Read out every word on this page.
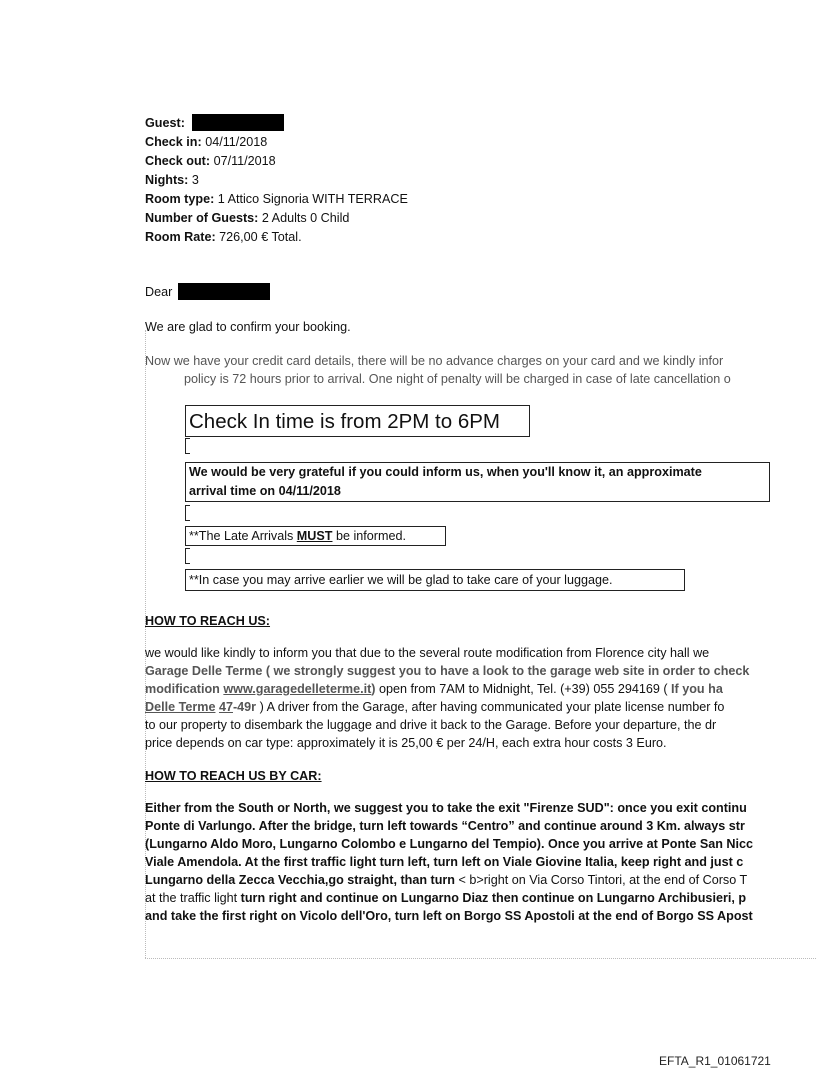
Guest:
Check in: 04/11/2018
Check out: 07/11/2018
Nights: 3
Room type: 1 Attico Signoria WITH TERRACE
Number of Guests: 2 Adults 0 Child
Room Rate: 726,00 € Total.
Dear
We are glad to confirm your booking.
Now we have your credit card details, there will be no advance charges on your card and we kindly infor
policy is 72 hours prior to arrival. One night of penalty will be charged in case of late cancellation o
Check In time is from 2PM to 6PM
We would be very grateful if you could inform us, when you'll know it, an approximate
arrival time on 04/11/2018
**The Late Arrivals MUST be informed.
**In case you may arrive earlier we will be glad to take care of your luggage.
HOW TO REACH US:
we would like kindly to inform you that due to the several route modification from Florence city hall we
Garage Delle Terme ( we strongly suggest you to have a look to the garage web site in order to check
modification www.garagedelleterme.it) open from 7AM to Midnight, Tel. (+39) 055 294169 ( If you ha
Delle Terme 47-49r ) A driver from the Garage, after having communicated your plate license number fo
to our property to disembark the luggage and drive it back to the Garage. Before your departure, the dr
price depends on car type: approximately it is 25,00 € per 24/H, each extra hour costs 3 Euro.
HOW TO REACH US BY CAR:
Either from the South or North, we suggest you to take the exit "Firenze SUD": once you exit continu
Ponte di Varlungo. After the bridge, turn left towards “Centro” and continue around 3 Km. always str
(Lungarno Aldo Moro, Lungarno Colombo e Lungarno del Tempio). Once you arrive at Ponte San Nicc
Viale Amendola. At the first traffic light turn left, turn left on Viale Giovine Italia, keep right and just c
Lungarno della Zecca Vecchia,go straight, than turn < b>right on Via Corso Tintori, at the end of Corso T
at the traffic light turn right and continue on Lungarno Diaz then continue on Lungarno Archibusieri, p
and take the first right on Vicolo dell'Oro, turn left on Borgo SS Apostoli at the end of Borgo SS Apost
EFTA_R1_01061721
